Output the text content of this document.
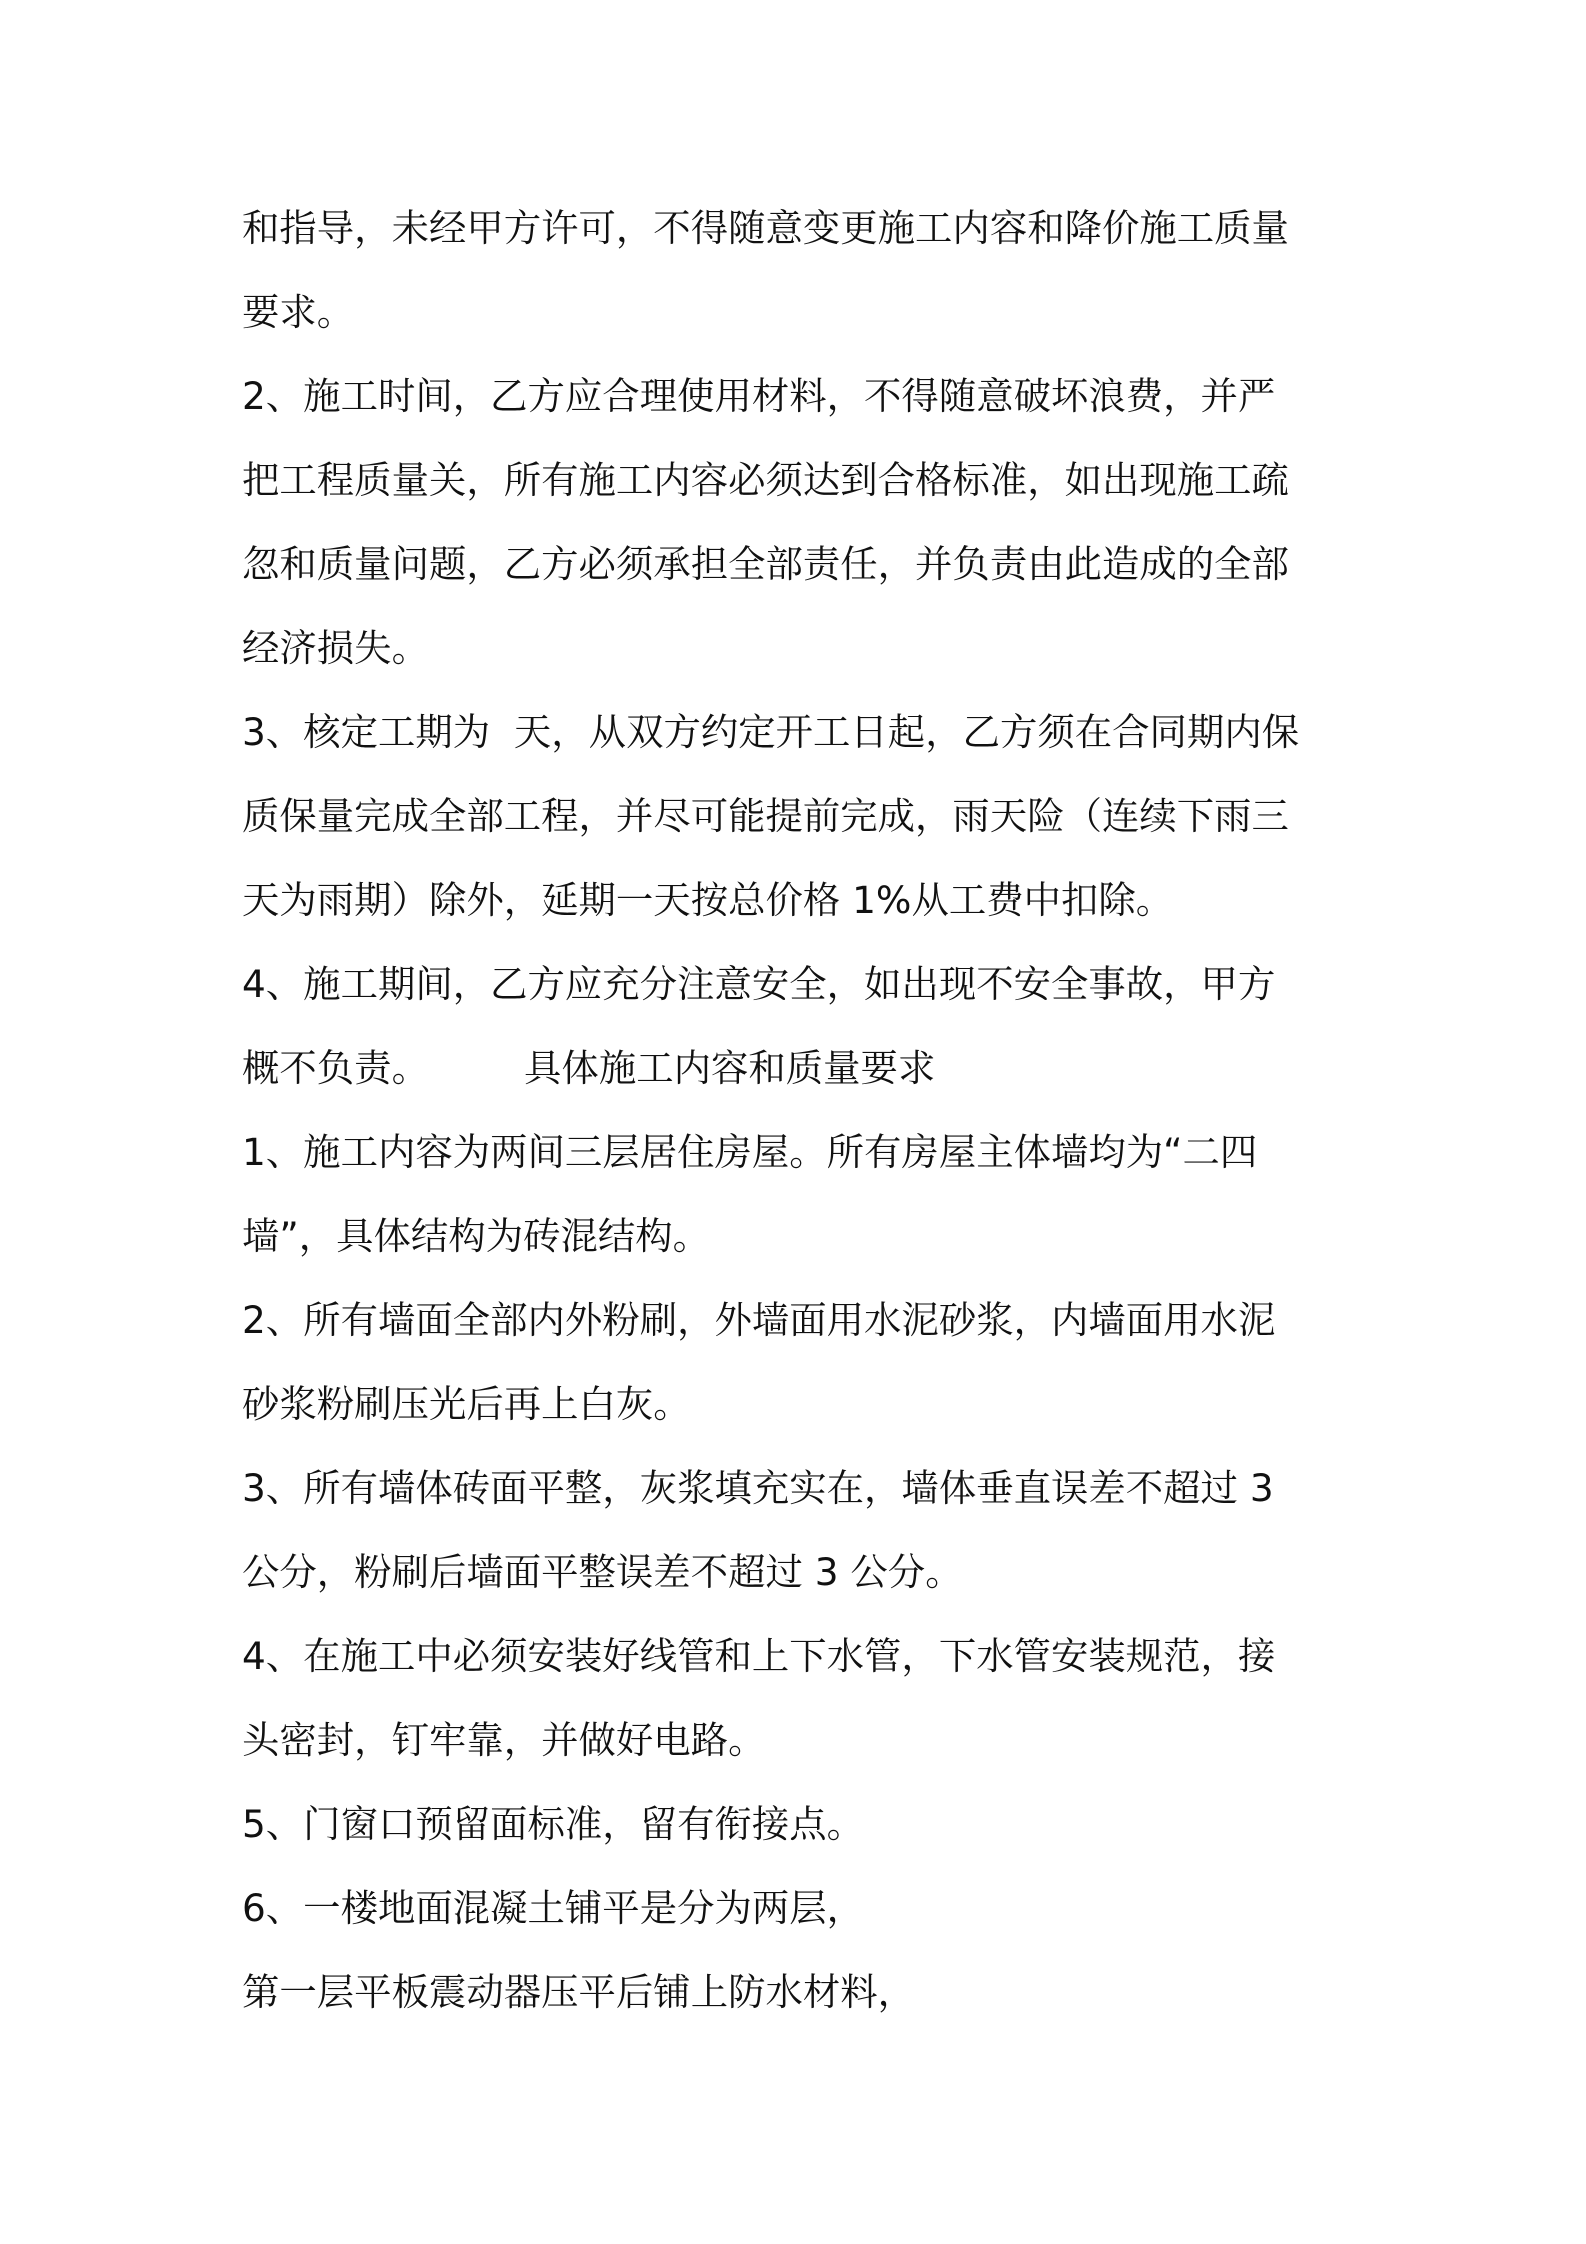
和指导，未经甲方许可，不得随意变更施工内容和降价施工质量
要求。
2、施工时间，乙方应合理使用材料，不得随意破坏浪费，并严
把工程质量关，所有施工内容必须达到合格标准，如出现施工疏
忽和质量问题，乙方必须承担全部责任，并负责由此造成的全部
经济损失。
3、核定工期为  天，从双方约定开工日起，乙方须在合同期内保
质保量完成全部工程，并尽可能提前完成，雨天险（连续下雨三
天为雨期）除外，延期一天按总价格 1%从工费中扣除。
4、施工期间，乙方应充分注意安全，如出现不安全事故，甲方
概不负责。        具体施工内容和质量要求
1、施工内容为两间三层居住房屋。所有房屋主体墙均为“二四
墙”，具体结构为砖混结构。
2、所有墙面全部内外粉刷，外墙面用水泥砂浆，内墙面用水泥
砂浆粉刷压光后再上白灰。
3、所有墙体砖面平整，灰浆填充实在，墙体垂直误差不超过 3
公分，粉刷后墙面平整误差不超过 3 公分。
4、在施工中必须安装好线管和上下水管，下水管安装规范，接
头密封，钉牢靠，并做好电路。
5、门窗口预留面标准，留有衔接点。
6、一楼地面混凝土铺平是分为两层，
第一层平板震动器压平后铺上防水材料，
